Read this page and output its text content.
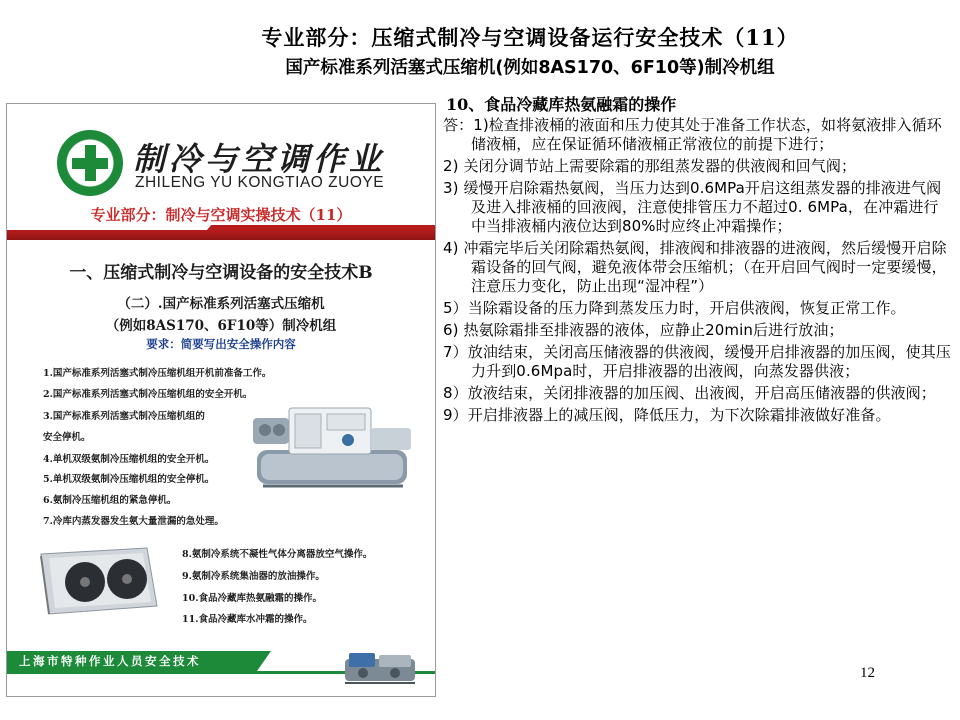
专业部分：压缩式制冷与空调设备运行安全技术（11）
国产标准系列活塞式压缩机(例如8AS170、6F10等)制冷机组
制冷与空调作业
ZHILENG YU KONGTIAO ZUOYE
专业部分：制冷与空调实操技术（11）
一、压缩式制冷与空调设备的安全技术B
（二）.国产标准系列活塞式压缩机
（例如8AS170、6F10等）制冷机组
要求：简要写出安全操作内容
1.国产标准系列活塞式制冷压缩机组开机前准备工作。
2.国产标准系列活塞式制冷压缩机组的安全开机。
3.国产标准系列活塞式制冷压缩机组的
安全停机。
4.单机双级氨制冷压缩机组的安全开机。
5.单机双级氨制冷压缩机组的安全停机。
6.氨制冷压缩机组的紧急停机。
7.冷库内蒸发器发生氨大量泄漏的急处理。
8.氨制冷系统不凝性气体分离器放空气操作。
9.氨制冷系统集油器的放油操作。
10.食品冷藏库热氨融霜的操作。
11.食品冷藏库水冲霜的操作。
上海市特种作业人员安全技术
10、食品冷藏库热氨融霜的操作
答：1)检查排液桶的液面和压力使其处于准备工作状态，如将氨液排入循环储液桶，应在保证循环储液桶正常液位的前提下进行；
2) 关闭分调节站上需要除霜的那组蒸发器的供液阀和回气阀；
3) 缓慢开启除霜热氨阀，当压力达到0.6MPa开启这组蒸发器的排液进气阀及进入排液桶的回液阀，注意使排管压力不超过0. 6MPa，在冲霜进行中当排液桶内液位达到80%时应终止冲霜操作；
4) 冲霜完毕后关闭除霜热氨阀，排液阀和排液器的进液阀，然后缓慢开启除霜设备的回气阀，避免液体带会压缩机；（在开启回气阀时一定要缓慢，注意压力变化，防止出现“湿冲程”）
5）当除霜设备的压力降到蒸发压力时，开启供液阀，恢复正常工作。
6) 热氨除霜排至排液器的液体，应静止20min后进行放油；
7）放油结束，关闭高压储液器的供液阀，缓慢开启排液器的加压阀，使其压力升到0.6Mpa时，开启排液器的出液阀，向蒸发器供液；
8）放液结束，关闭排液器的加压阀、出液阀，开启高压储液器的供液阀；
9）开启排液器上的减压阀，降低压力，为下次除霜排液做好准备。
12
